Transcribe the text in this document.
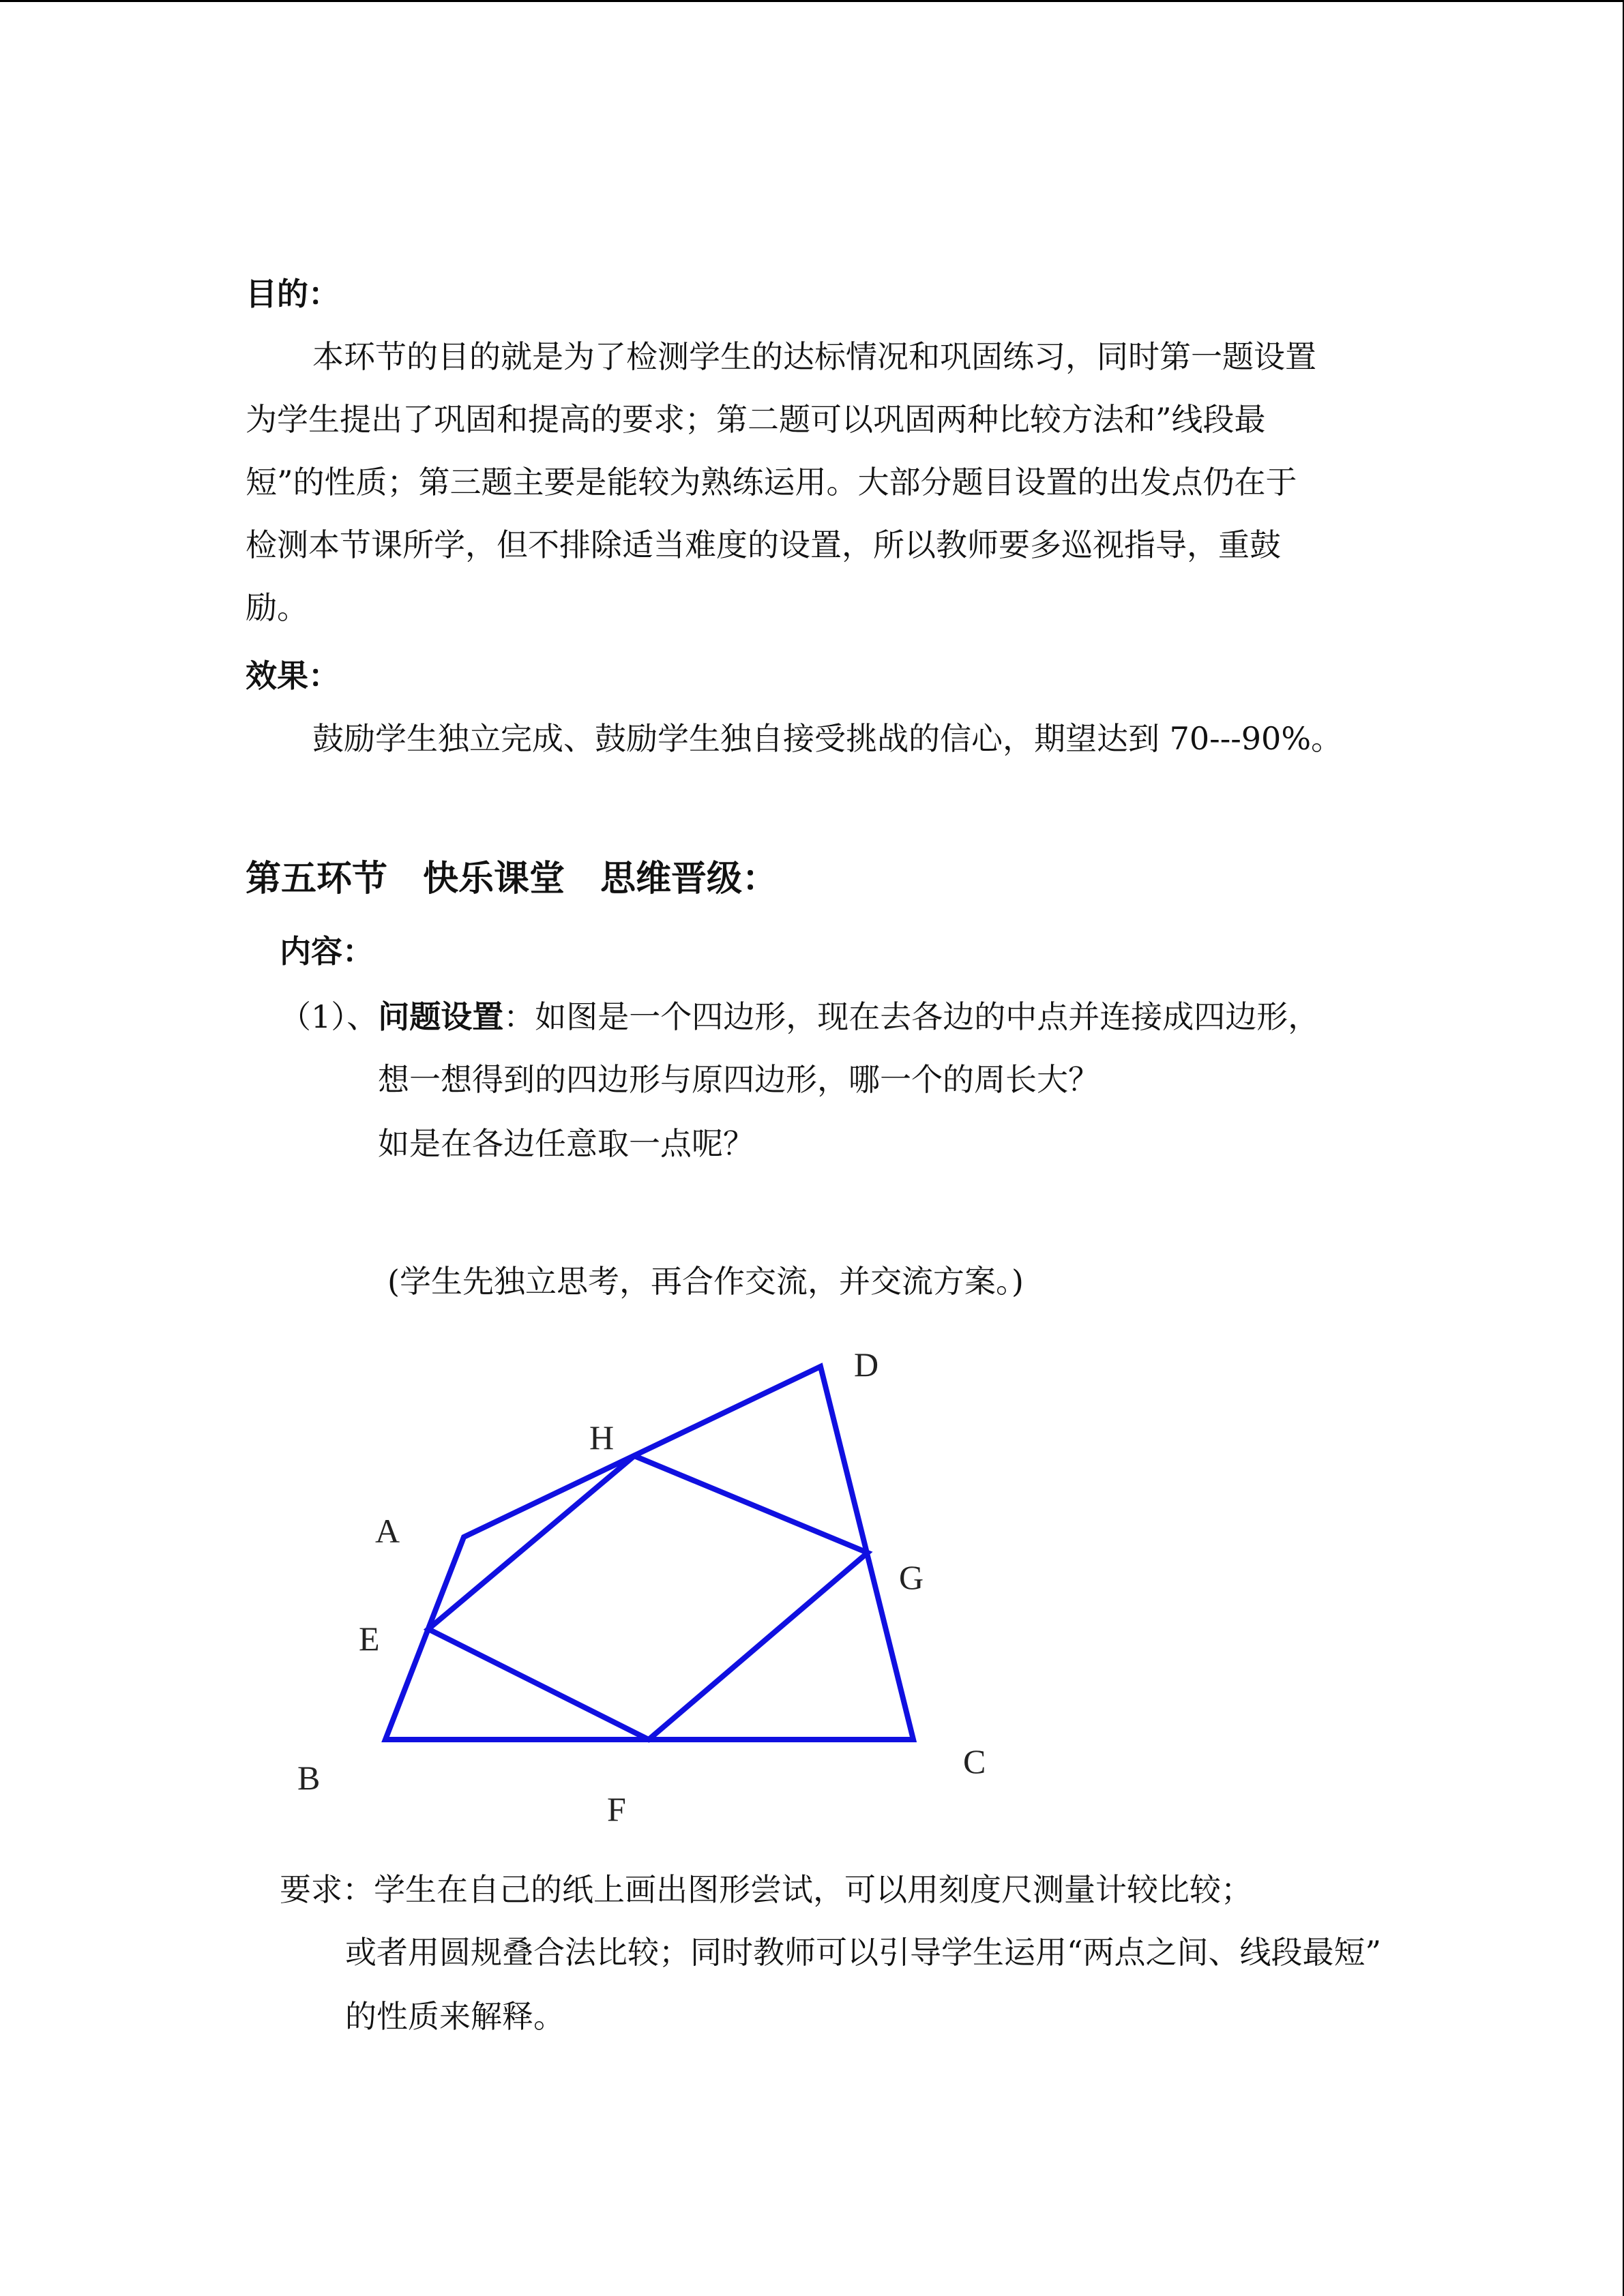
目的：
本环节的目的就是为了检测学生的达标情况和巩固练习，同时第一题设置
为学生提出了巩固和提高的要求；第二题可以巩固两种比较方法和”线段最
短”的性质；第三题主要是能较为熟练运用。大部分题目设置的出发点仍在于
检测本节课所学，但不排除适当难度的设置，所以教师要多巡视指导，重鼓
励。
效果：
鼓励学生独立完成、鼓励学生独自接受挑战的信心，期望达到 70---90%。
第五环节　快乐课堂　思维晋级：
内容：
（1）、问题设置：如图是一个四边形，现在去各边的中点并连接成四边形，
想一想得到的四边形与原四边形，哪一个的周长大？
如是在各边任意取一点呢？
(学生先独立思考，再合作交流，并交流方案。)
A
B	C
D
E
F
G
H
要求：学生在自己的纸上画出图形尝试，可以用刻度尺测量计较比较；
或者用圆规叠合法比较；同时教师可以引导学生运用“两点之间、线段最短”
的性质来解释。
